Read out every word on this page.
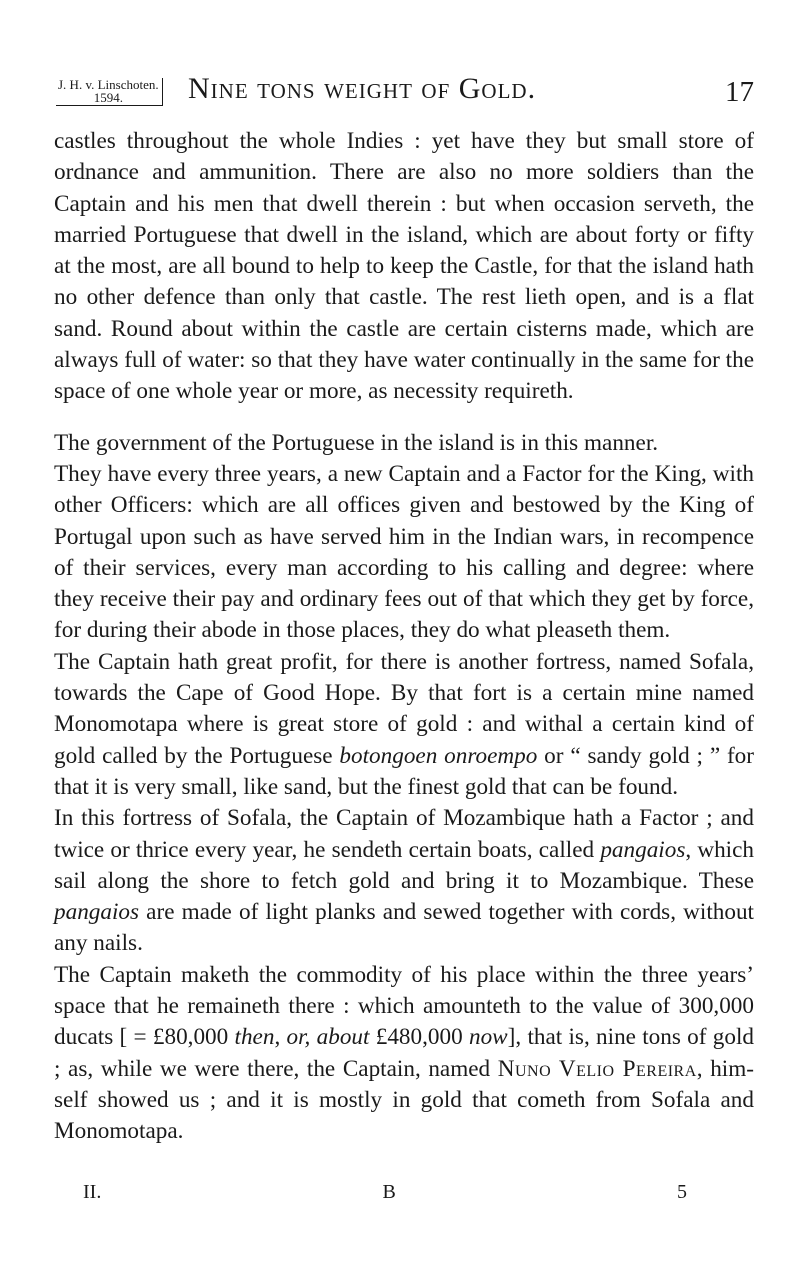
J. H. v. Linschoten.
1594.	Nine tons weight of Gold.	17

castles throughout the whole Indies : yet have they but small store of ordnance and ammunition. There are also no more soldiers than the Captain and his men that dwell therein : but when occasion serveth, the married Portuguese that dwell in the island, which are about forty or fifty at the most, are all bound to help to keep the Castle, for that the island hath no other defence than only that castle. The rest lieth open, and is a flat sand. Round about within the castle are certain cisterns made, which are always full of water: so that they have water continually in the same for the space of one whole year or more, as necessity requireth.

The government of the Portuguese in the island is in this manner.

They have every three years, a new Captain and a Factor for the King, with other Officers: which are all offices given and bestowed by the King of Portugal upon such as have served him in the Indian wars, in recompence of their services, every man according to his calling and degree: where they receive their pay and ordinary fees out of that which they get by force, for during their abode in those places, they do what pleaseth them.

The Captain hath great profit, for there is another fortress, named Sofala, towards the Cape of Good Hope. By that fort is a certain mine named Monomotapa where is great store of gold : and withal a certain kind of gold called by the Portuguese botongoen onroempo or “ sandy gold ; ” for that it is very small, like sand, but the finest gold that can be found.

In this fortress of Sofala, the Captain of Mozambique hath a Factor ; and twice or thrice every year, he sendeth certain boats, called pangaios, which sail along the shore to fetch gold and bring it to Mozambique. These pangaios are made of light planks and sewed together with cords, without any nails.

The Captain maketh the commodity of his place within the three years’ space that he remaineth there : which amounteth to the value of 300,000 ducats [ = £80,000 then, or, about £480,000 now], that is, nine tons of gold ; as, while we were there, the Captain, named Nuno Velio Pereira, him-self showed us ; and it is mostly in gold that cometh from Sofala and Monomotapa.

II.	B	5
